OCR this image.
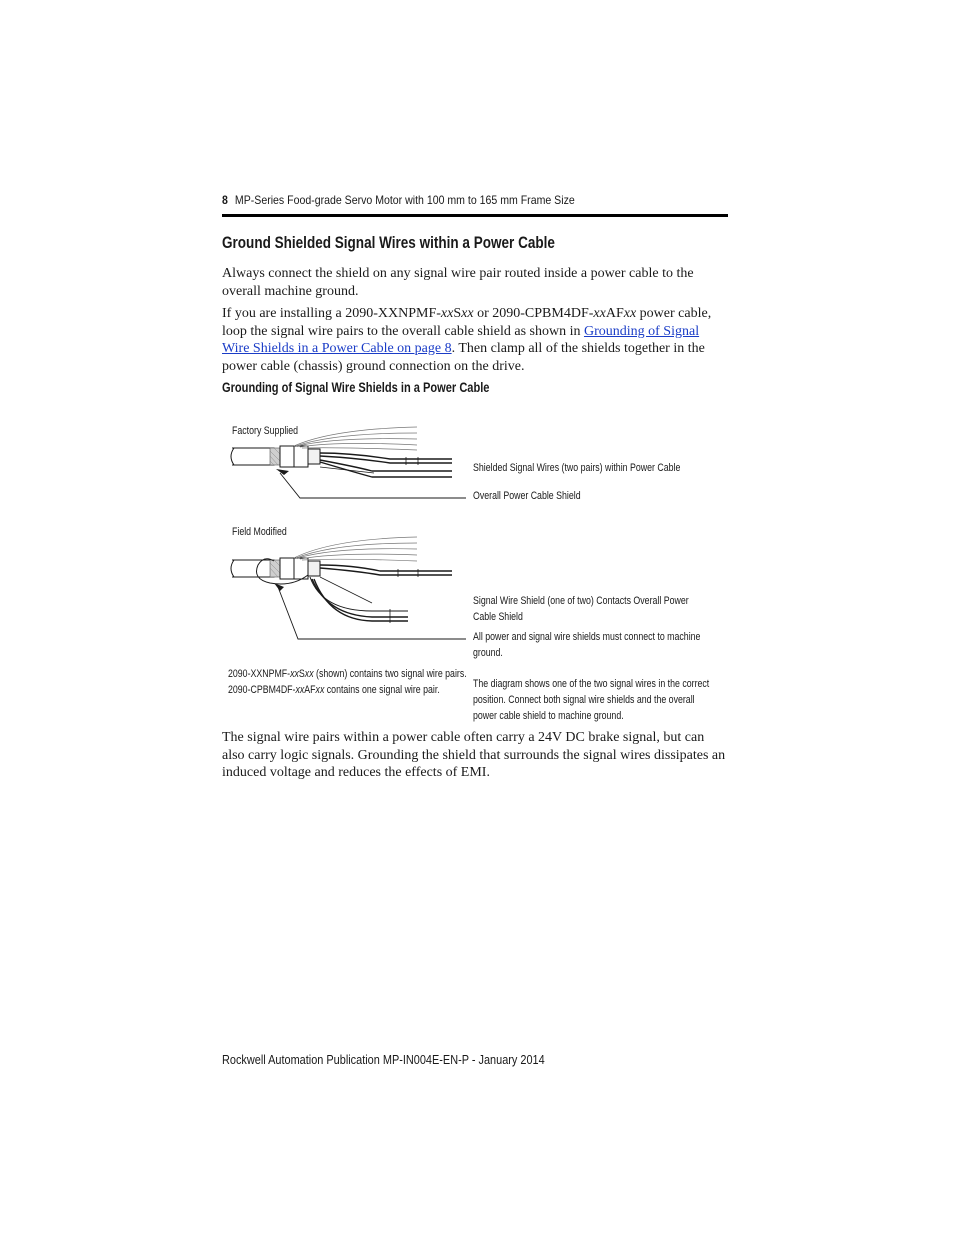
8 MP-Series Food-grade Servo Motor with 100 mm to 165 mm Frame Size
Ground Shielded Signal Wires within a Power Cable

Always connect the shield on any signal wire pair routed inside a power cable to the overall machine ground.

If you are installing a 2090-XXNPMF-xxSxx or 2090-CPBM4DF-xxAFxx power cable, loop the signal wire pairs to the overall cable shield as shown in Grounding of Signal Wire Shields in a Power Cable on page 8. Then clamp all of the shields together in the power cable (chassis) ground connection on the drive.

Grounding of Signal Wire Shields in a Power Cable
Factory Supplied
Field Modified
Shielded Signal Wires (two pairs) within Power Cable
Overall Power Cable Shield
Signal Wire Shield (one of two) Contacts Overall Power
Cable Shield
All power and signal wire shields must connect to machine
ground.
2090-XXNPMF-xxSxx (shown) contains two signal wire pairs.
2090-CPBM4DF-xxAFxx contains one signal wire pair.	The diagram shows one of the two signal wires in the correct
position. Connect both signal wire shields and the overall
power cable shield to machine ground.

The signal wire pairs within a power cable often carry a 24V DC brake signal, but can also carry logic signals. Grounding the shield that surrounds the signal wires dissipates an induced voltage and reduces the effects of EMI.

Rockwell Automation Publication MP-IN004E-EN-P - January 2014
